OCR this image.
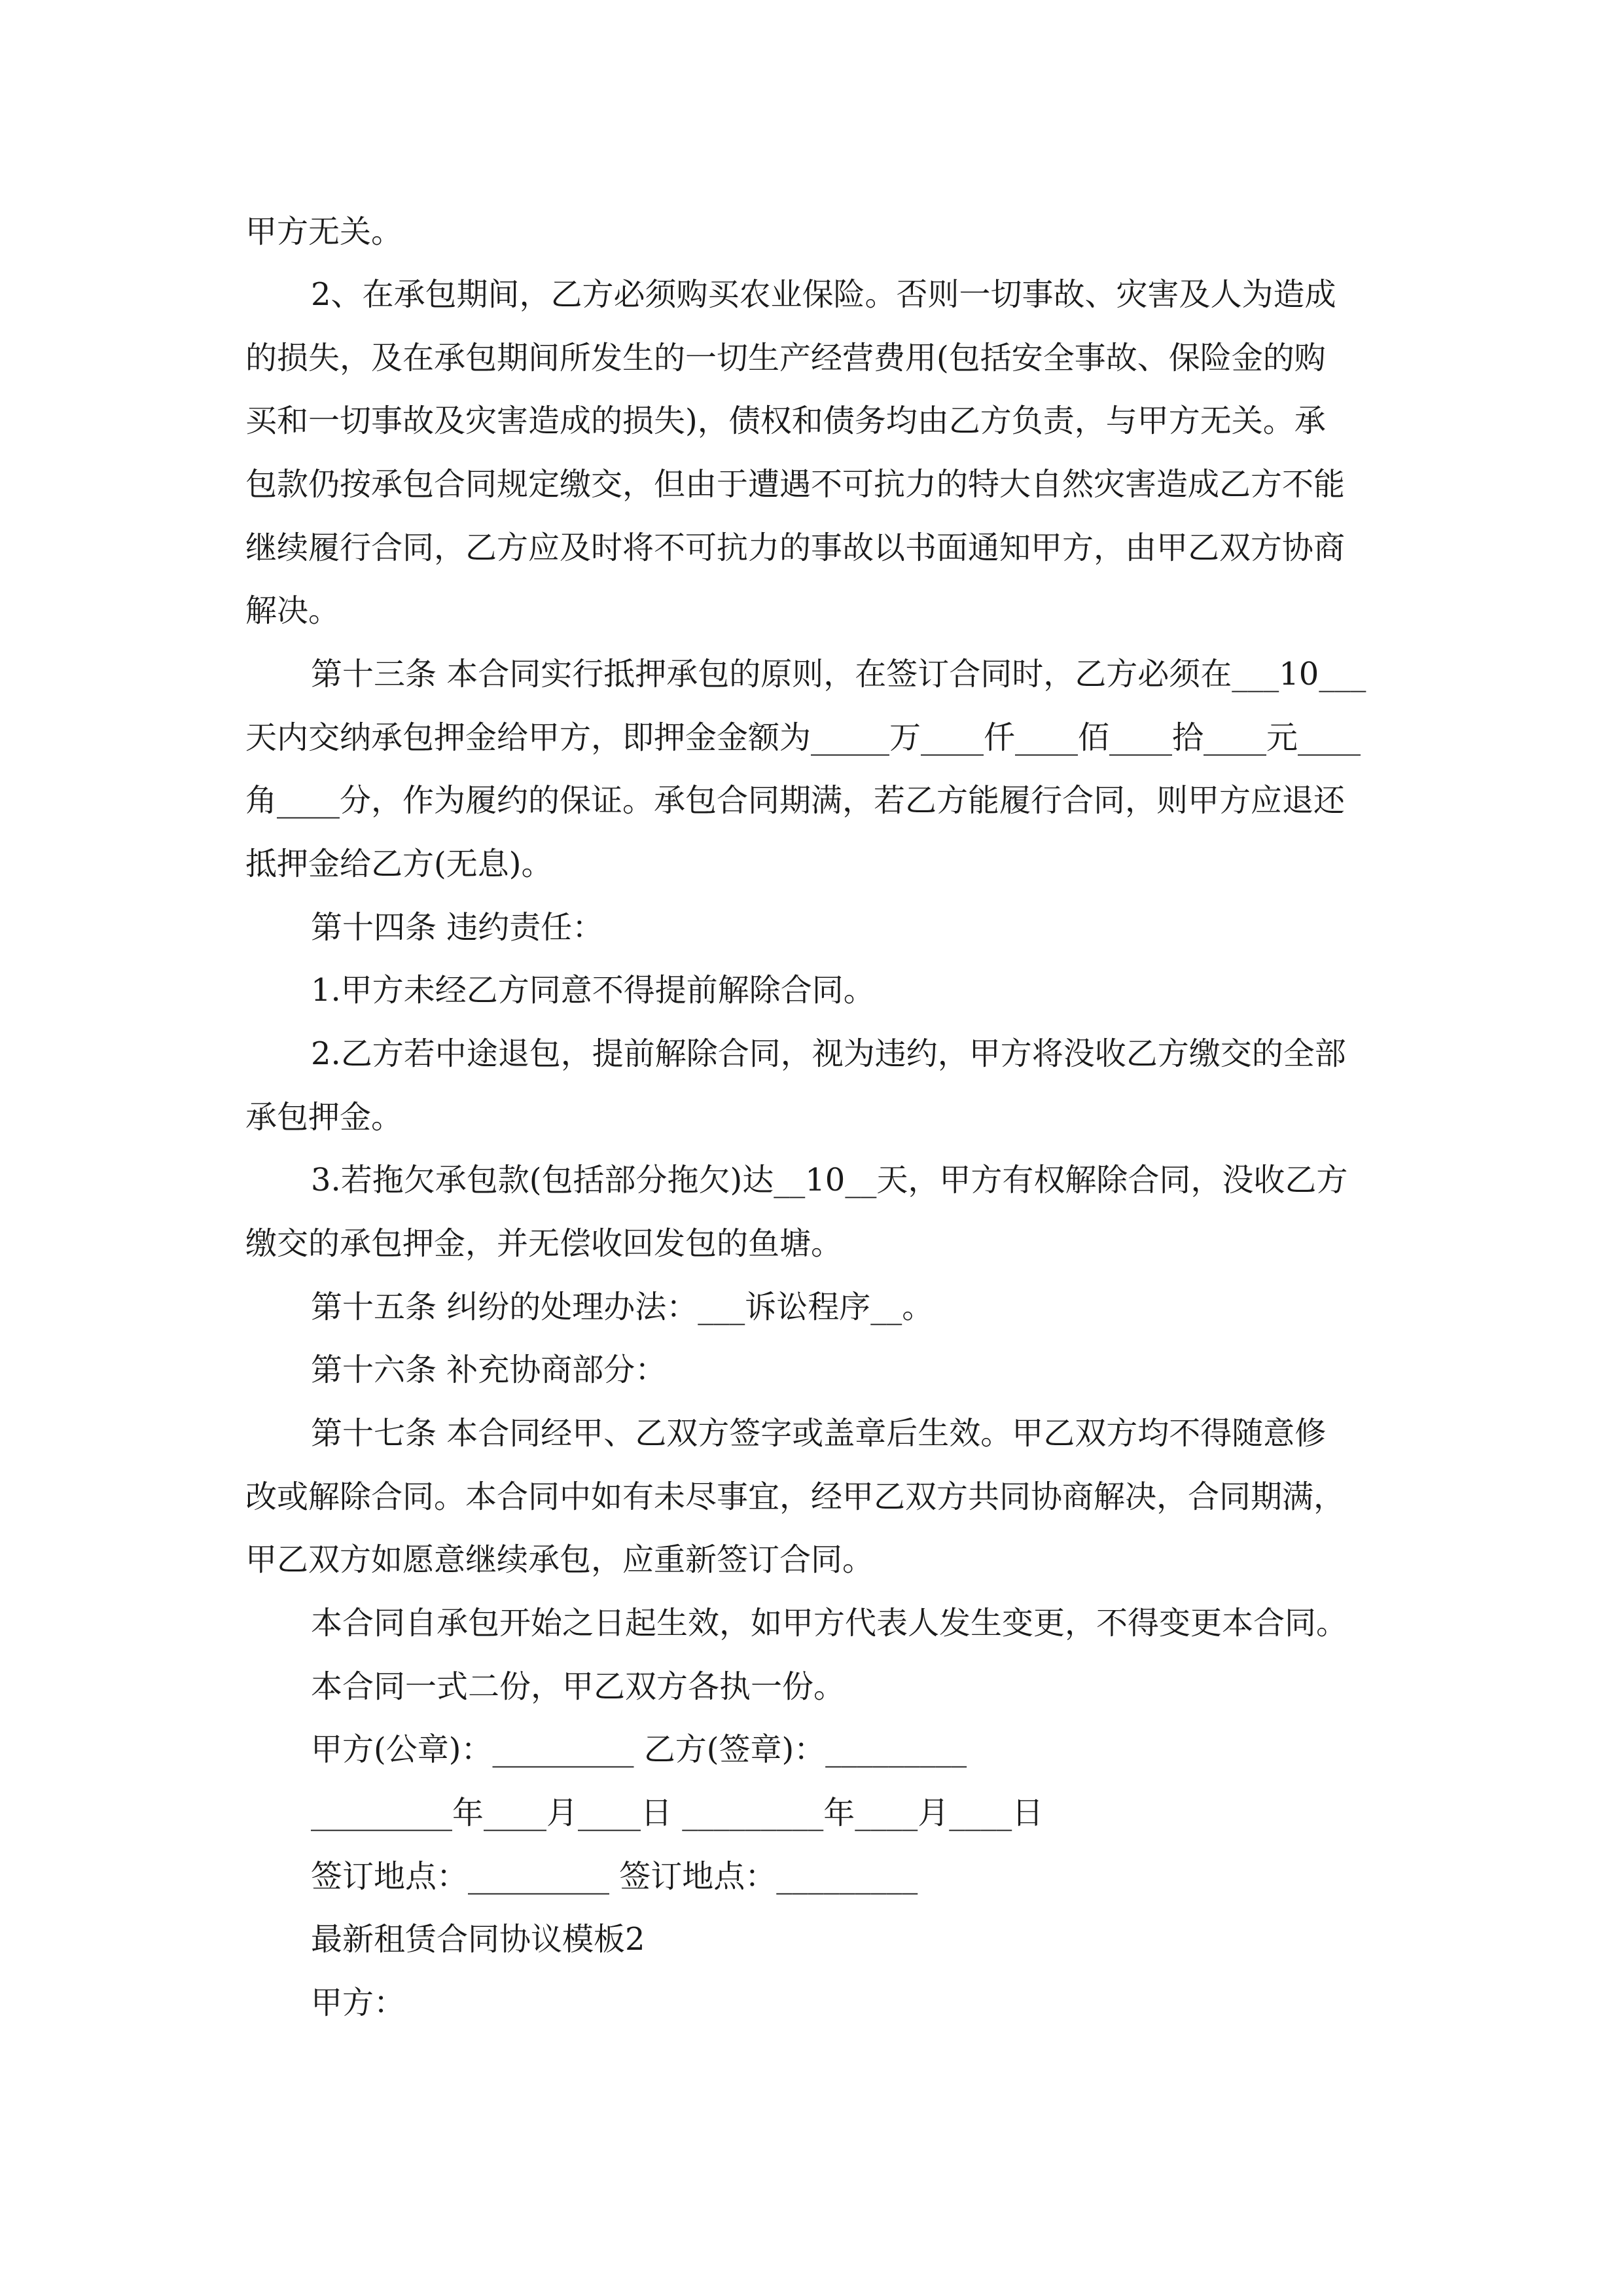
甲方无关。
2、在承包期间，乙方必须购买农业保险。否则一切事故、灾害及人为造成
的损失，及在承包期间所发生的一切生产经营费用(包括安全事故、保险金的购
买和一切事故及灾害造成的损失)，债权和债务均由乙方负责，与甲方无关。承
包款仍按承包合同规定缴交，但由于遭遇不可抗力的特大自然灾害造成乙方不能
继续履行合同，乙方应及时将不可抗力的事故以书面通知甲方，由甲乙双方协商
解决。
第十三条 本合同实行抵押承包的原则，在签订合同时，乙方必须在___10___
天内交纳承包押金给甲方，即押金金额为_____万____仟____佰____拾____元____
角____分，作为履约的保证。承包合同期满，若乙方能履行合同，则甲方应退还
抵押金给乙方(无息)。
第十四条 违约责任：
1.甲方未经乙方同意不得提前解除合同。
2.乙方若中途退包，提前解除合同，视为违约，甲方将没收乙方缴交的全部
承包押金。
3.若拖欠承包款(包括部分拖欠)达__10__天，甲方有权解除合同，没收乙方
缴交的承包押金，并无偿收回发包的鱼塘。
第十五条 纠纷的处理办法：___诉讼程序__。
第十六条 补充协商部分：
第十七条 本合同经甲、乙双方签字或盖章后生效。甲乙双方均不得随意修
改或解除合同。本合同中如有未尽事宜，经甲乙双方共同协商解决，合同期满，
甲乙双方如愿意继续承包，应重新签订合同。
本合同自承包开始之日起生效，如甲方代表人发生变更，不得变更本合同。
本合同一式二份，甲乙双方各执一份。
甲方(公章)：_________ 乙方(签章)：_________
_________年____月____日 _________年____月____日
签订地点：_________ 签订地点：_________
最新租赁合同协议模板2
甲方：
